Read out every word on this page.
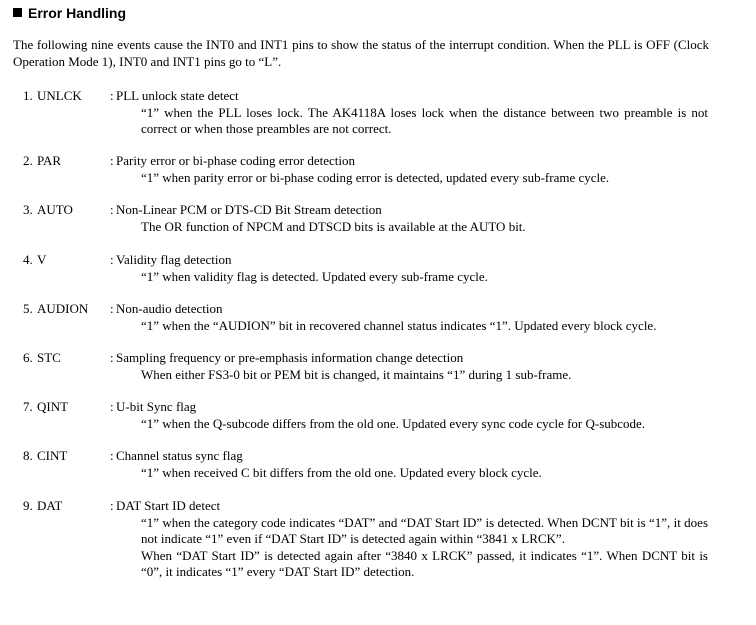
Error Handling
The following nine events cause the INT0 and INT1 pins to show the status of the interrupt condition. When the PLL is OFF (Clock Operation Mode 1), INT0 and INT1 pins go to “L”.
1. UNLCK : PLL unlock state detect

“1” when the PLL loses lock. The AK4118A loses lock when the distance between two preamble is not correct or when those preambles are not correct.

2. PAR	: Parity error or bi-phase coding error detection

“1” when parity error or bi-phase coding error is detected, updated every sub-frame cycle.

3. AUTO	: Non-Linear PCM or DTS-CD Bit Stream detection

The OR function of NPCM and DTSCD bits is available at the AUTO bit.

4. V	: Validity flag detection

“1” when validity flag is detected. Updated every sub-frame cycle.

5. AUDION : Non-audio detection

“1” when the “AUDION” bit in recovered channel status indicates “1”. Updated every block cycle.

6. STC	: Sampling frequency or pre-emphasis information change detection

When either FS3-0 bit or PEM bit is changed, it maintains “1” during 1 sub-frame.

7. QINT	: U-bit Sync flag

“1” when the Q-subcode differs from the old one. Updated every sync code cycle for Q-subcode.

8. CINT	: Channel status sync flag

“1” when received C bit differs from the old one. Updated every block cycle.

9. DAT	: DAT Start ID detect

“1” when the category code indicates “DAT” and “DAT Start ID” is detected. When DCNT bit is “1”, it does not indicate “1” even if “DAT Start ID” is detected again within “3841 x LRCK”.

When “DAT Start ID” is detected again after “3840 x LRCK” passed, it indicates “1”. When DCNT bit is “0”, it indicates “1” every “DAT Start ID” detection.
